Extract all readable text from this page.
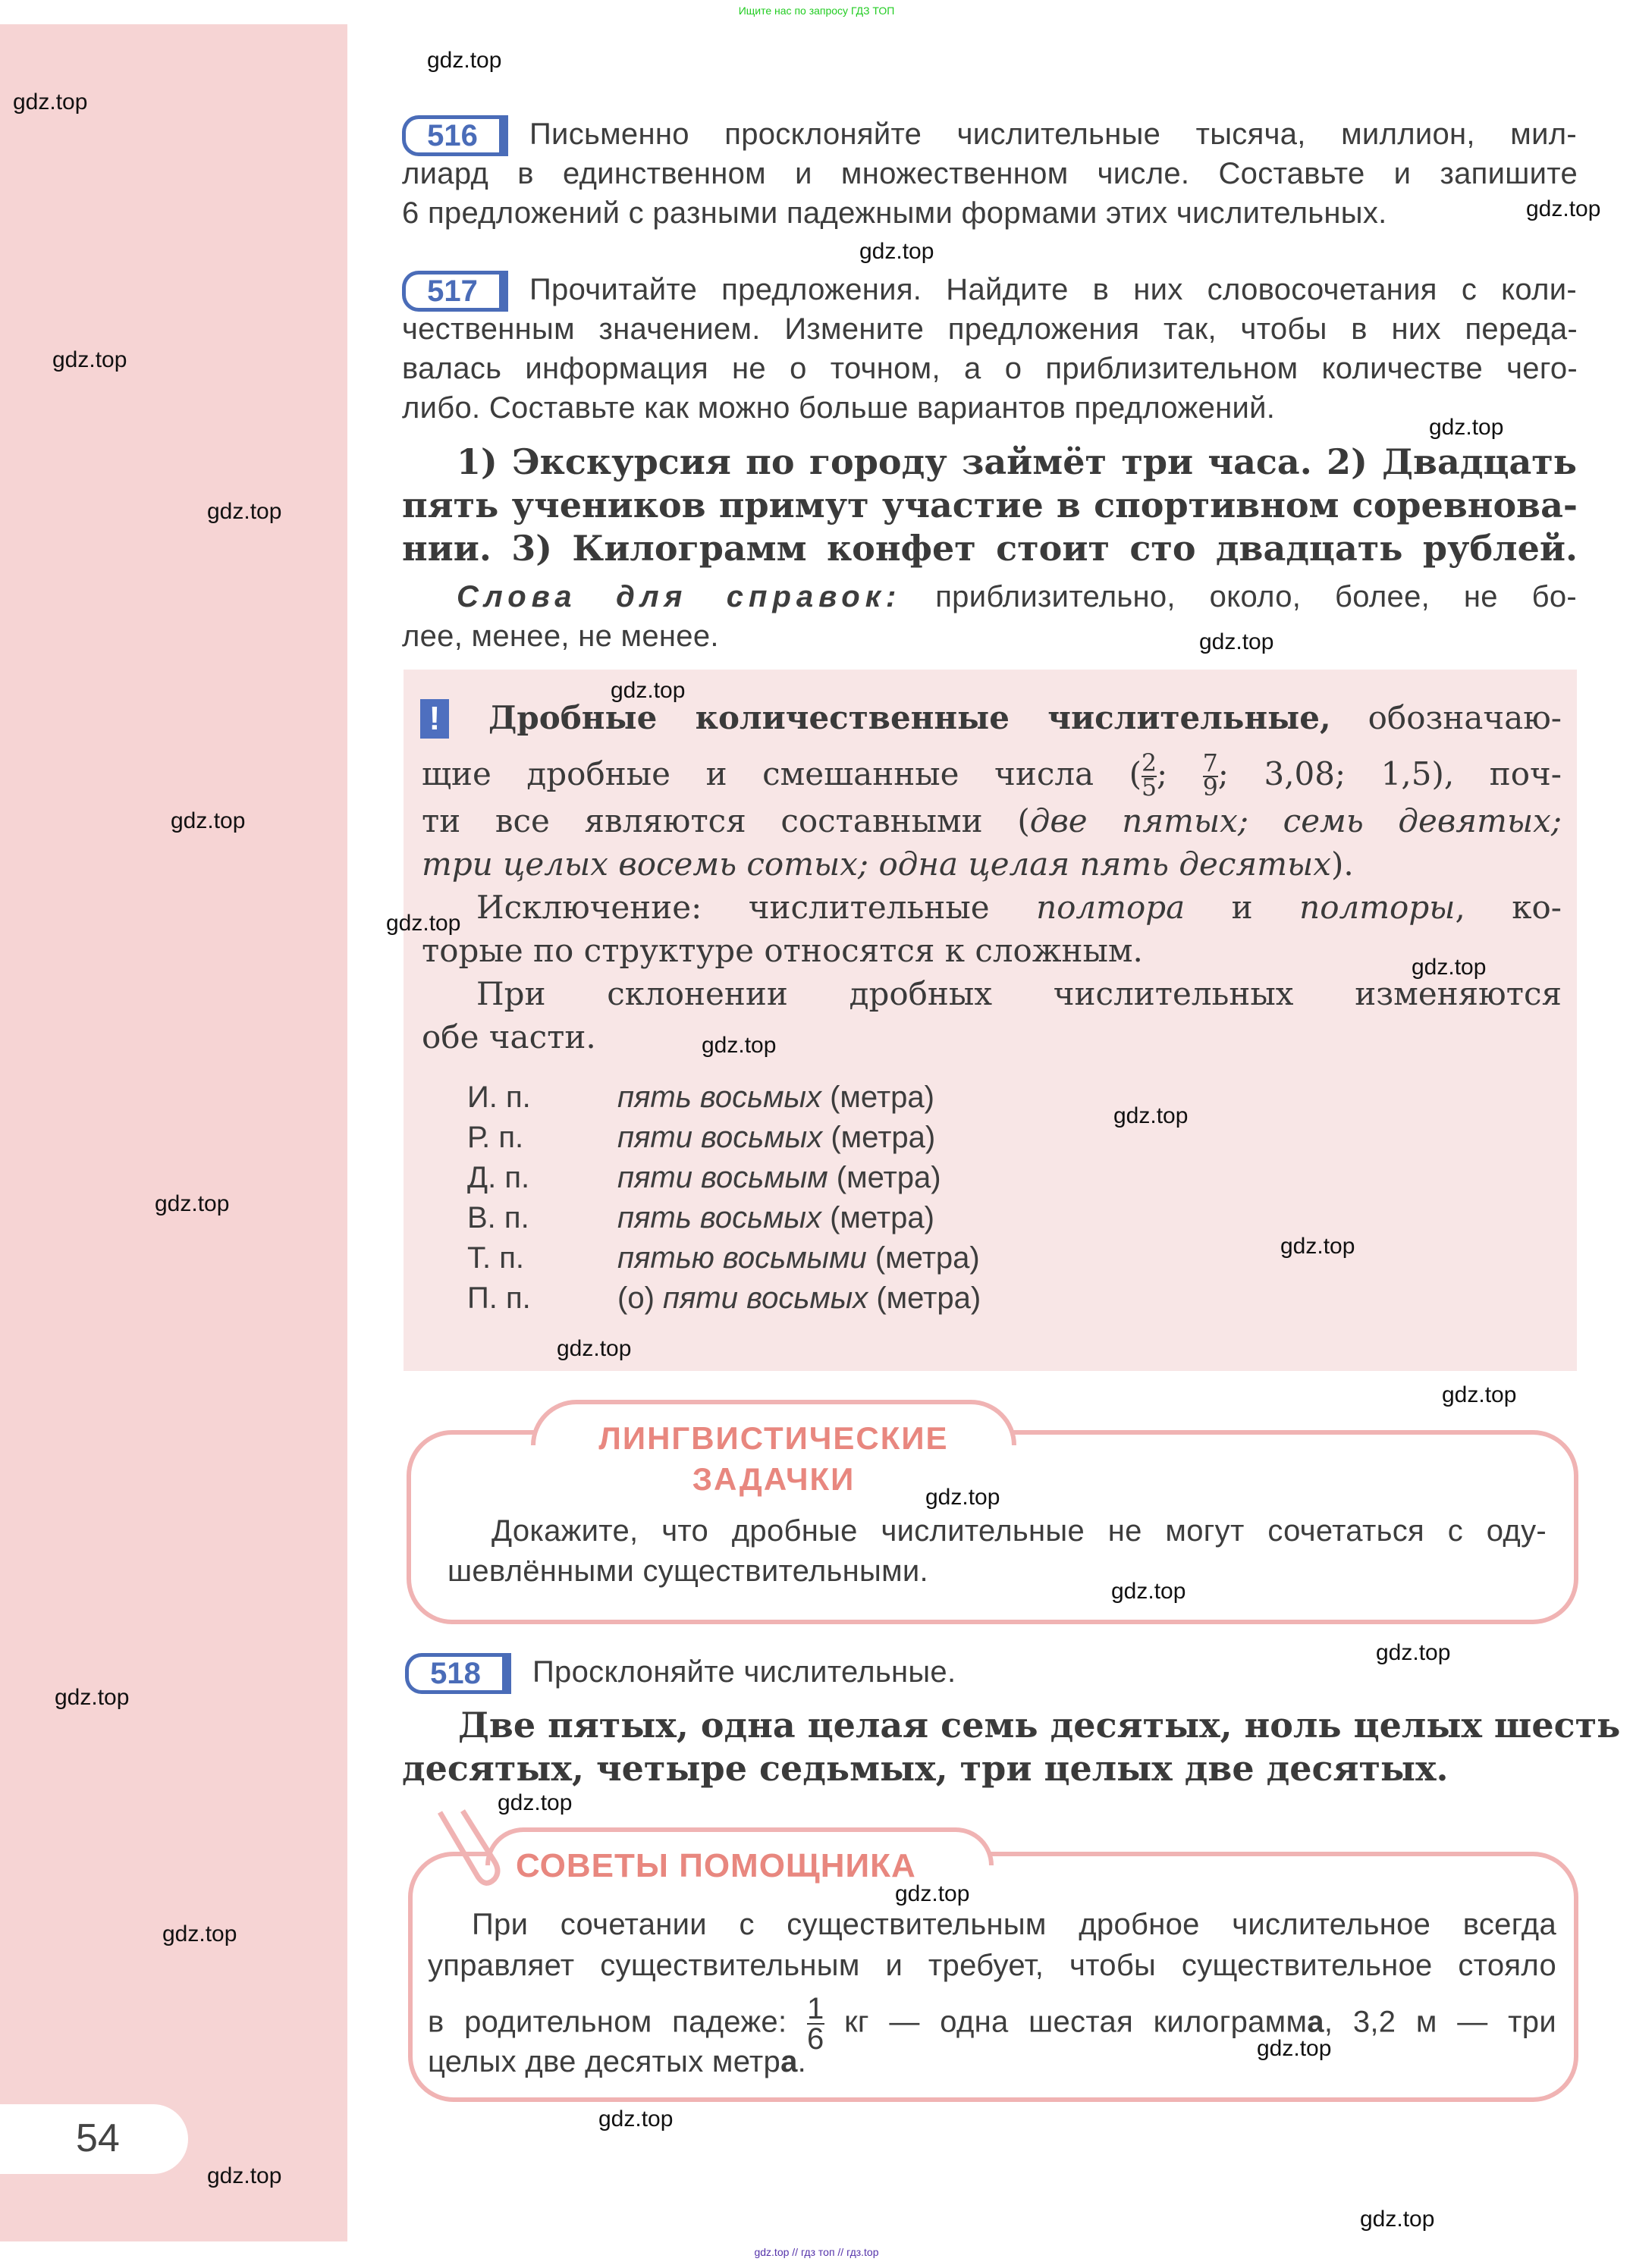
Ищите нас по запросу ГДЗ ТОП
54
516	Письменно просклоняйте числительные тысяча, миллион, мил-
лиард в единственном и множественном числе. Составьте и запишите
6 предложений с разными падежными формами этих числительных.
517	Прочитайте предложения. Найдите в них словосочетания с коли-
чественным значением. Измените предложения так, чтобы в них переда-
валась информация не о точном, а о приблизительном количестве чего-
либо. Составьте как можно больше вариантов предложений.
1) Экскурсия по городу займёт три часа. 2) Двадцать
пять учеников примут участие в спортивном соревнова-
нии. 3) Килограмм конфет стоит сто двадцать рублей.
Слова для справок: приблизительно, около, более, не бо-
лее, менее, не менее.
! Дробные количественные числительные, обозначаю-
щие дробные и смешанные числа ( $\frac{2}{5}$ ; $\frac{7}{9}$ ; 3,08; 1,5), поч-
ти все являются составными (две пятых; семь девятых;
три целых восемь сотых; одна целая пять десятых).
Исключение: числительные полтора и полторы, ко-
торые по структуре относятся к сложным.
При склонении дробных числительных изменяются
обе части.
И. п.	пять восьмых (метра)
Р. п.	пяти восьмых (метра)
Д. п.	пяти восьмым (метра)
В. п.	пять восьмых (метра)
Т. п.	пятью восьмыми (метра)
П. п.	(о) пяти восьмых (метра)
ЛИНГВИСТИЧЕСКИЕ
ЗАДАЧКИ
Докажите, что дробные числительные не могут сочетаться с оду-
шевлёнными существительными.
518	Просклоняйте числительные.
Две пятых, одна целая семь десятых, ноль целых шесть
десятых, четыре седьмых, три целых две десятых.
СОВЕТЫ ПОМОЩНИКА
При сочетании с существительным дробное числительное всегда
управляет существительным и требует, чтобы существительное стояло
в родительном падеже: $\frac{1}{6}$ кг — одна шестая килограмма, 3,2 м — три
целых две десятых метра.
gdz.top
gdz.top
gdz.top
gdz.top
gdz.top
gdz.top
gdz.top
gdz.top
gdz.top
gdz.top
gdz.top
gdz.top
gdz.top
gdz.top
gdz.top
gdz.top
gdz.top
gdz.top
gdz.top
gdz.top
gdz.top
gdz.top
gdz.top
gdz.top
gdz.top
gdz.top
gdz.top
gdz.top
gdz.top
gdz.top // гдз топ // гдз.top
